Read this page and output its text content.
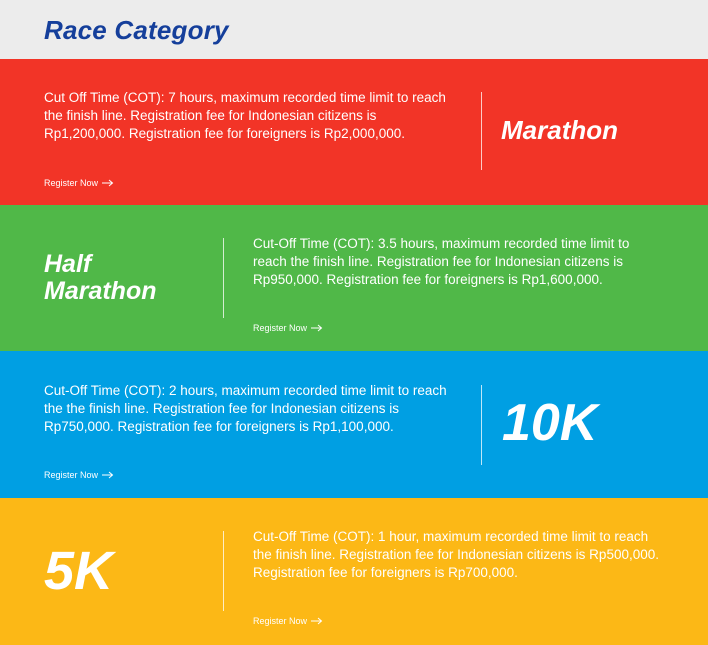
Race Category

Cut Off Time (COT): 7 hours, maximum recorded time limit to reach the finish line. Registration fee for Indonesian citizens is Rp1,200,000. Registration fee for foreigners is Rp2,000,000.

Register Now
Marathon
Half
Marathon

Cut-Off Time (COT): 3.5 hours, maximum recorded time limit to reach the finish line. Registration fee for Indonesian citizens is Rp950,000. Registration fee for foreigners is Rp1,600,000.

Register Now

Cut-Off Time (COT): 2 hours, maximum recorded time limit to reach the the finish line. Registration fee for Indonesian citizens is Rp750,000. Registration fee for foreigners is Rp1,100,000.

Register Now
10K
5K

Cut-Off Time (COT): 1 hour, maximum recorded time limit to reach the finish line. Registration fee for Indonesian citizens is Rp500,000. Registration fee for foreigners is Rp700,000.

Register Now
